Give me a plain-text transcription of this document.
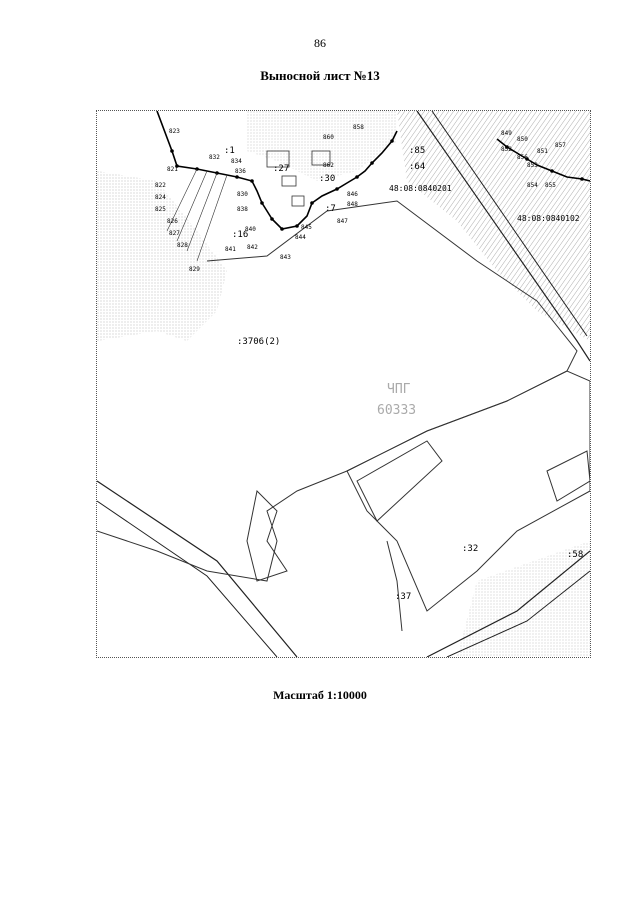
86
Выносной лист №13
:1
:27
:30
:7
:16
:85
:64
:3706(2)
:32
:37
:58
48:08:0840201
48:08:0840102
ЧПГ
60333
823
821
822
824
825
826
827
828
829
830
832
834
836
838
840
841 842
843
844
845
846
847
848
849
850
851
852
853
854 855
856
857
858
860
862
Масштаб 1:10000
